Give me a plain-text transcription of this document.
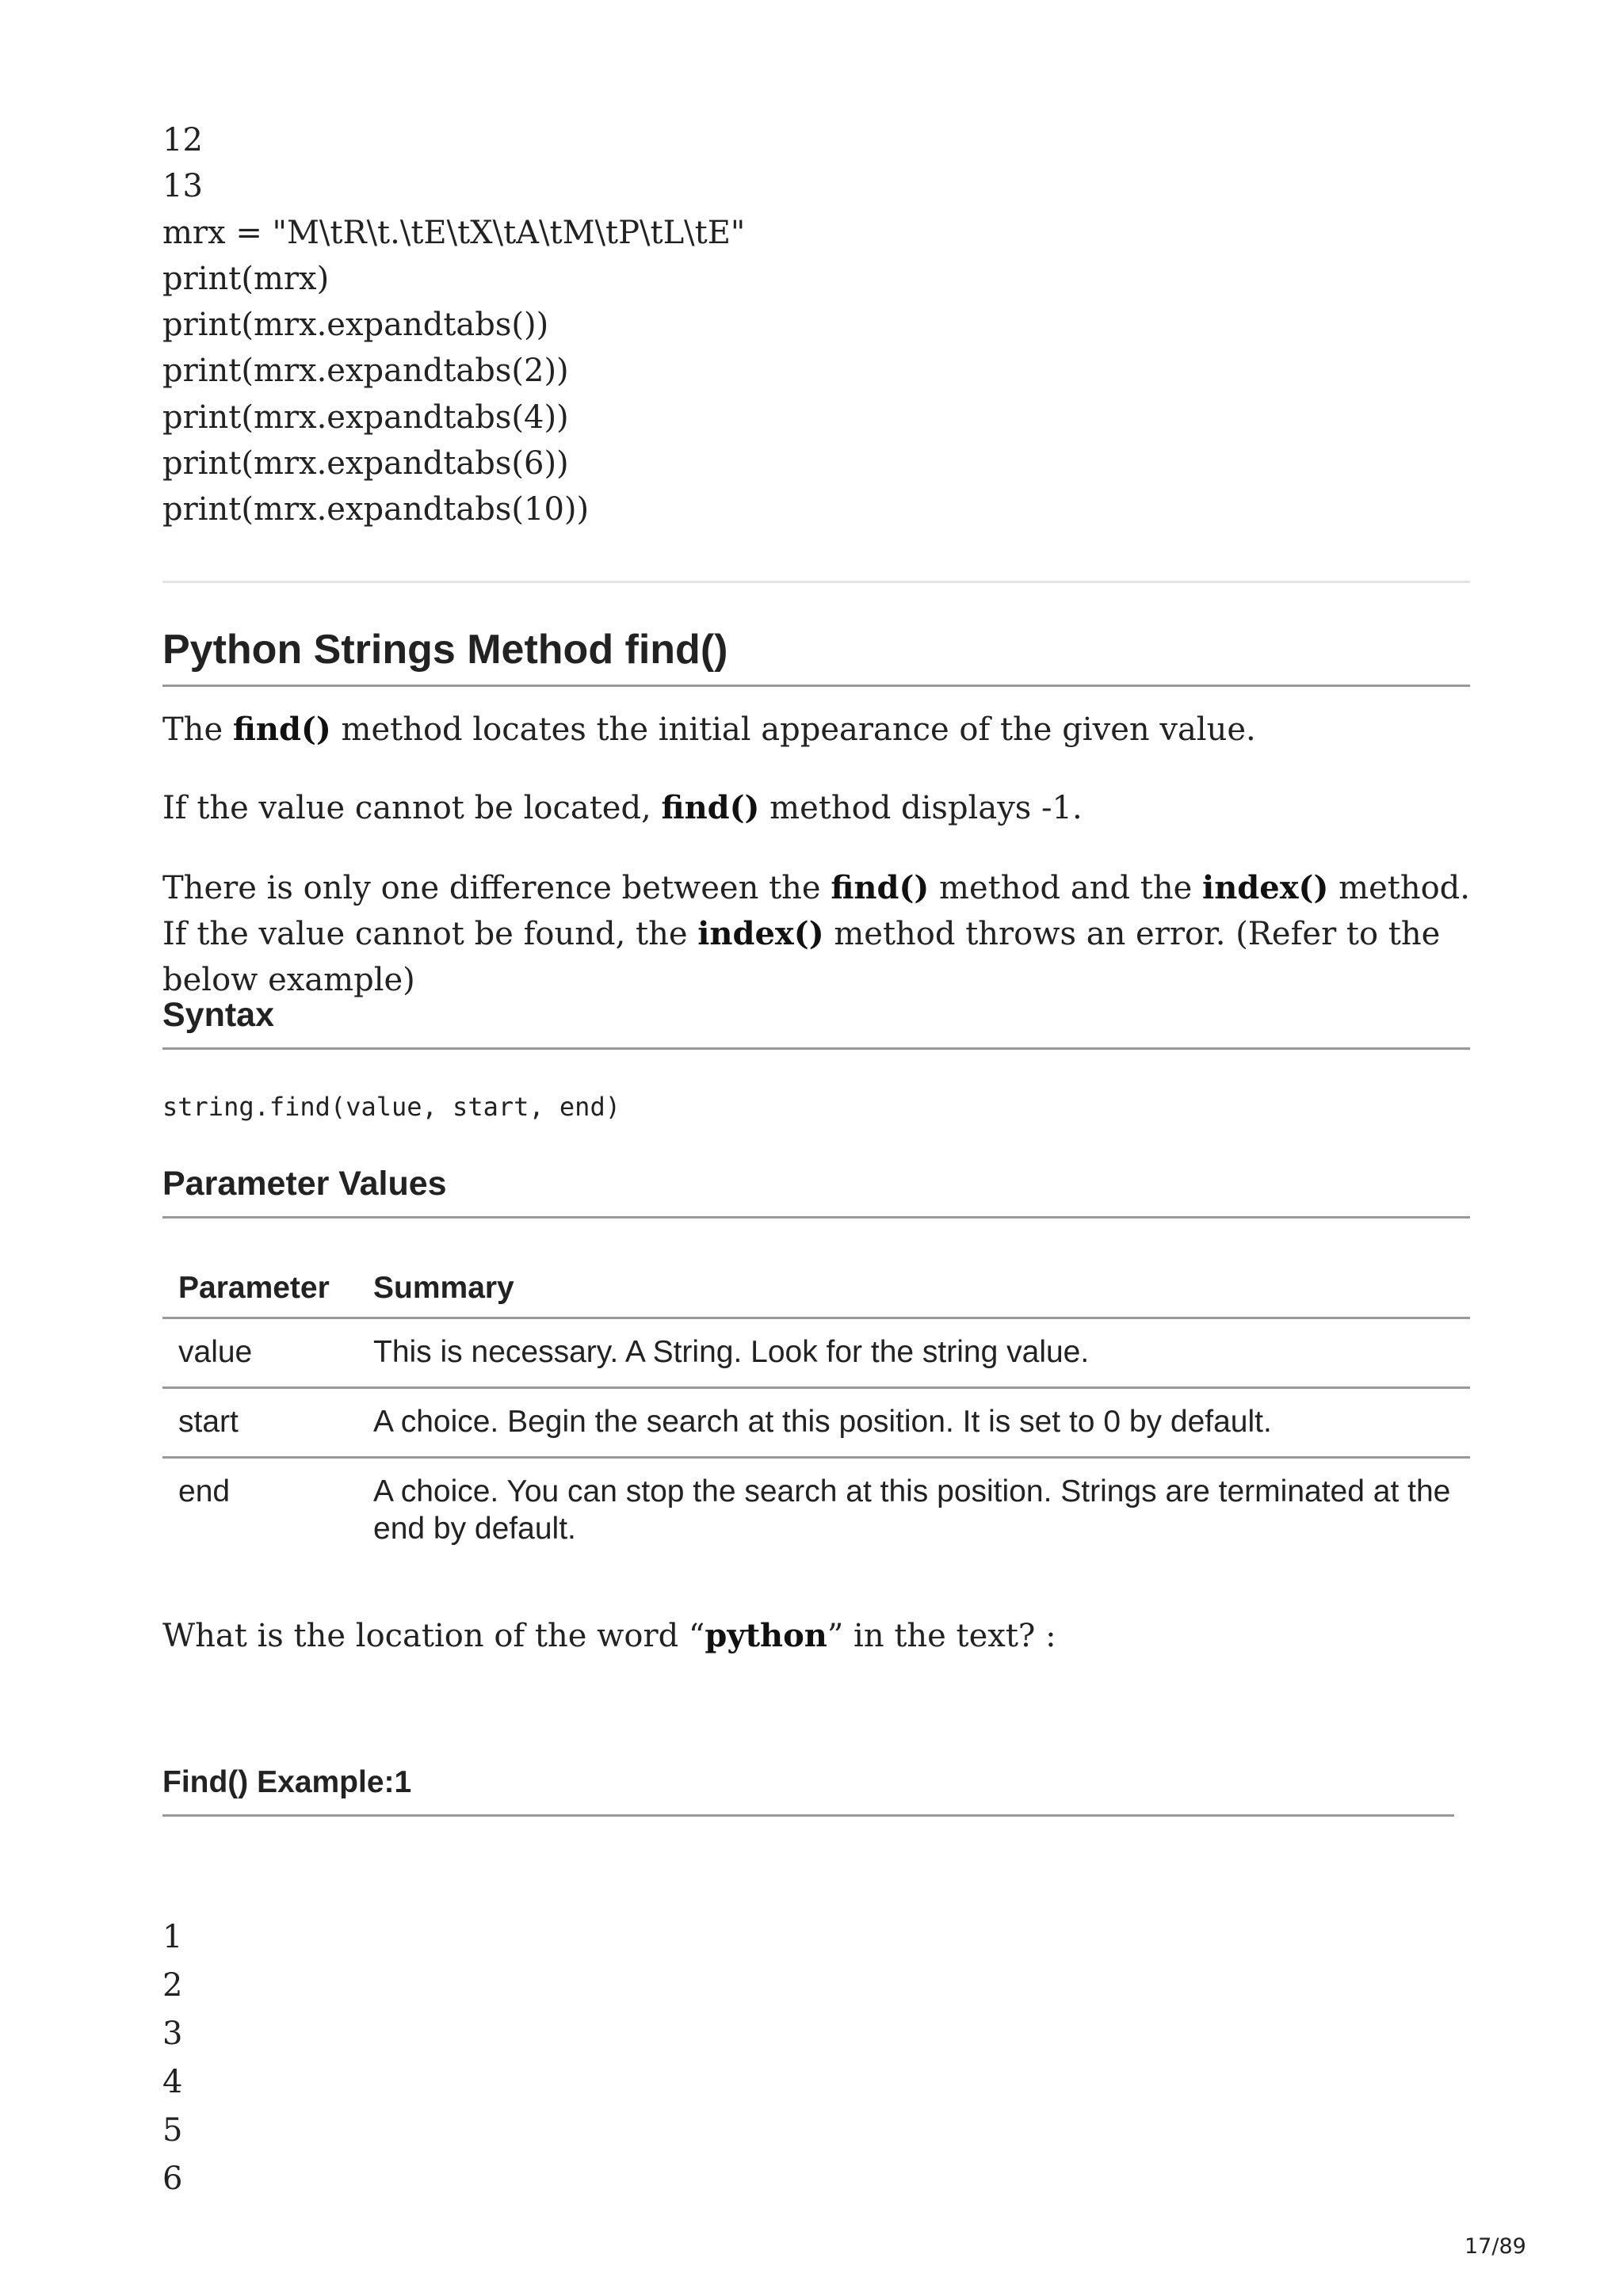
12
13
mrx = "M\tR\t.\tE\tX\tA\tM\tP\tL\tE"
print(mrx)
print(mrx.expandtabs())
print(mrx.expandtabs(2))
print(mrx.expandtabs(4))
print(mrx.expandtabs(6))
print(mrx.expandtabs(10))
Python Strings Method find()

The find() method locates the initial appearance of the given value.

If the value cannot be located, find() method displays -1.

There is only one difference between the find() method and the index() method. If the value cannot be found, the index() method throws an error. (Refer to the below example)

Syntax
string.find(value, start, end)
Parameter Values
Parameter	Summary
value	This is necessary. A String. Look for the string value.
start	A choice. Begin the search at this position. It is set to 0 by default.
end	A choice. You can stop the search at this position. Strings are terminated at the end by default.

What is the location of the word “python” in the text? :

Find() Example:1
1
2
3
4
5
6
17/89
